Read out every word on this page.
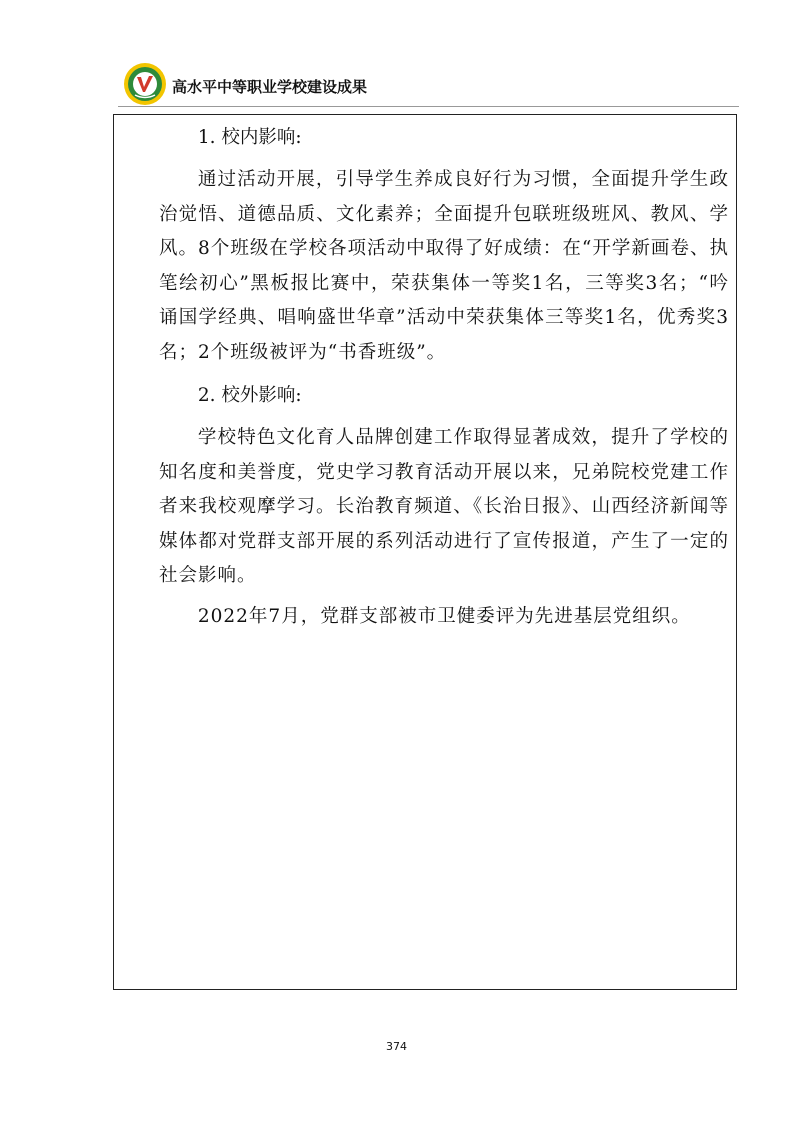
高水平中等职业学校建设成果

1. 校内影响:

通过活动开展，引导学生养成良好行为习惯，全面提升学生政治觉悟、道德品质、文化素养；全面提升包联班级班风、教风、学风。8个班级在学校各项活动中取得了好成绩：在“开学新画卷、执笔绘初心”黑板报比赛中，荣获集体一等奖1名，三等奖3名；“吟诵国学经典、唱响盛世华章”活动中荣获集体三等奖1名，优秀奖3名；2个班级被评为“书香班级”。

2. 校外影响:

学校特色文化育人品牌创建工作取得显著成效，提升了学校的知名度和美誉度，党史学习教育活动开展以来，兄弟院校党建工作者来我校观摩学习。长治教育频道、《长治日报》、山西经济新闻等媒体都对党群支部开展的系列活动进行了宣传报道，产生了一定的社会影响。

2022年7月，党群支部被市卫健委评为先进基层党组织。

374
